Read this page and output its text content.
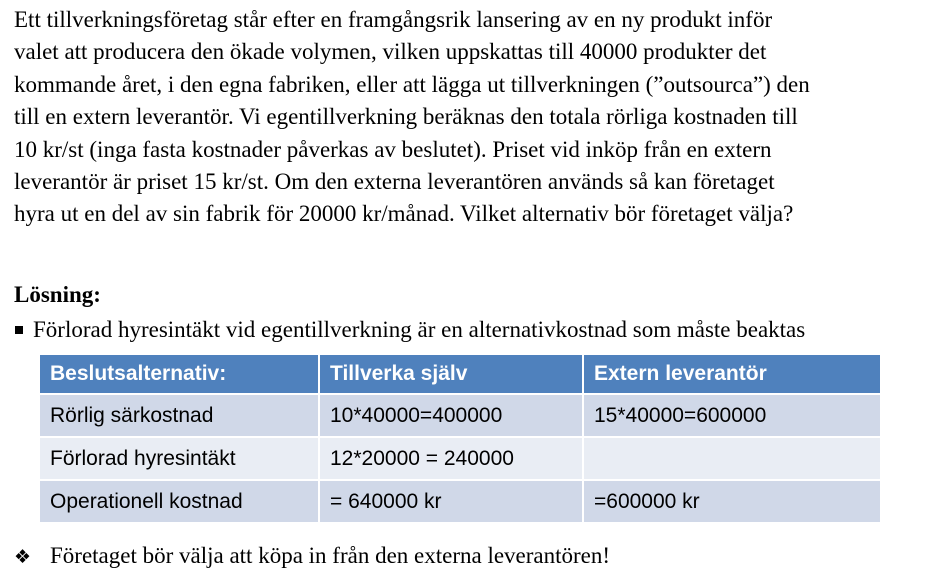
Ett tillverkningsföretag står efter en framgångsrik lansering av en ny produkt inför
valet att producera den ökade volymen, vilken uppskattas till 40000 produkter det
kommande året, i den egna fabriken, eller att lägga ut tillverkningen (”outsourca”) den
till en extern leverantör. Vi egentillverkning beräknas den totala rörliga kostnaden till
10 kr/st (inga fasta kostnader påverkas av beslutet). Priset vid inköp från en extern
leverantör är priset 15 kr/st. Om den externa leverantören används så kan företaget
hyra ut en del av sin fabrik för 20000 kr/månad. Vilket alternativ bör företaget välja?
Lösning:
Förlorad hyresintäkt vid egentillverkning är en alternativkostnad som måste beaktas
Beslutsalternativ:	Tillverka själv	Extern leverantör
Rörlig särkostnad	10*40000=400000	15*40000=600000
Förlorad hyresintäkt	12*20000 = 240000	
Operationell kostnad	= 640000 kr	=600000 kr
❖ Företaget bör välja att köpa in från den externa leverantören!
